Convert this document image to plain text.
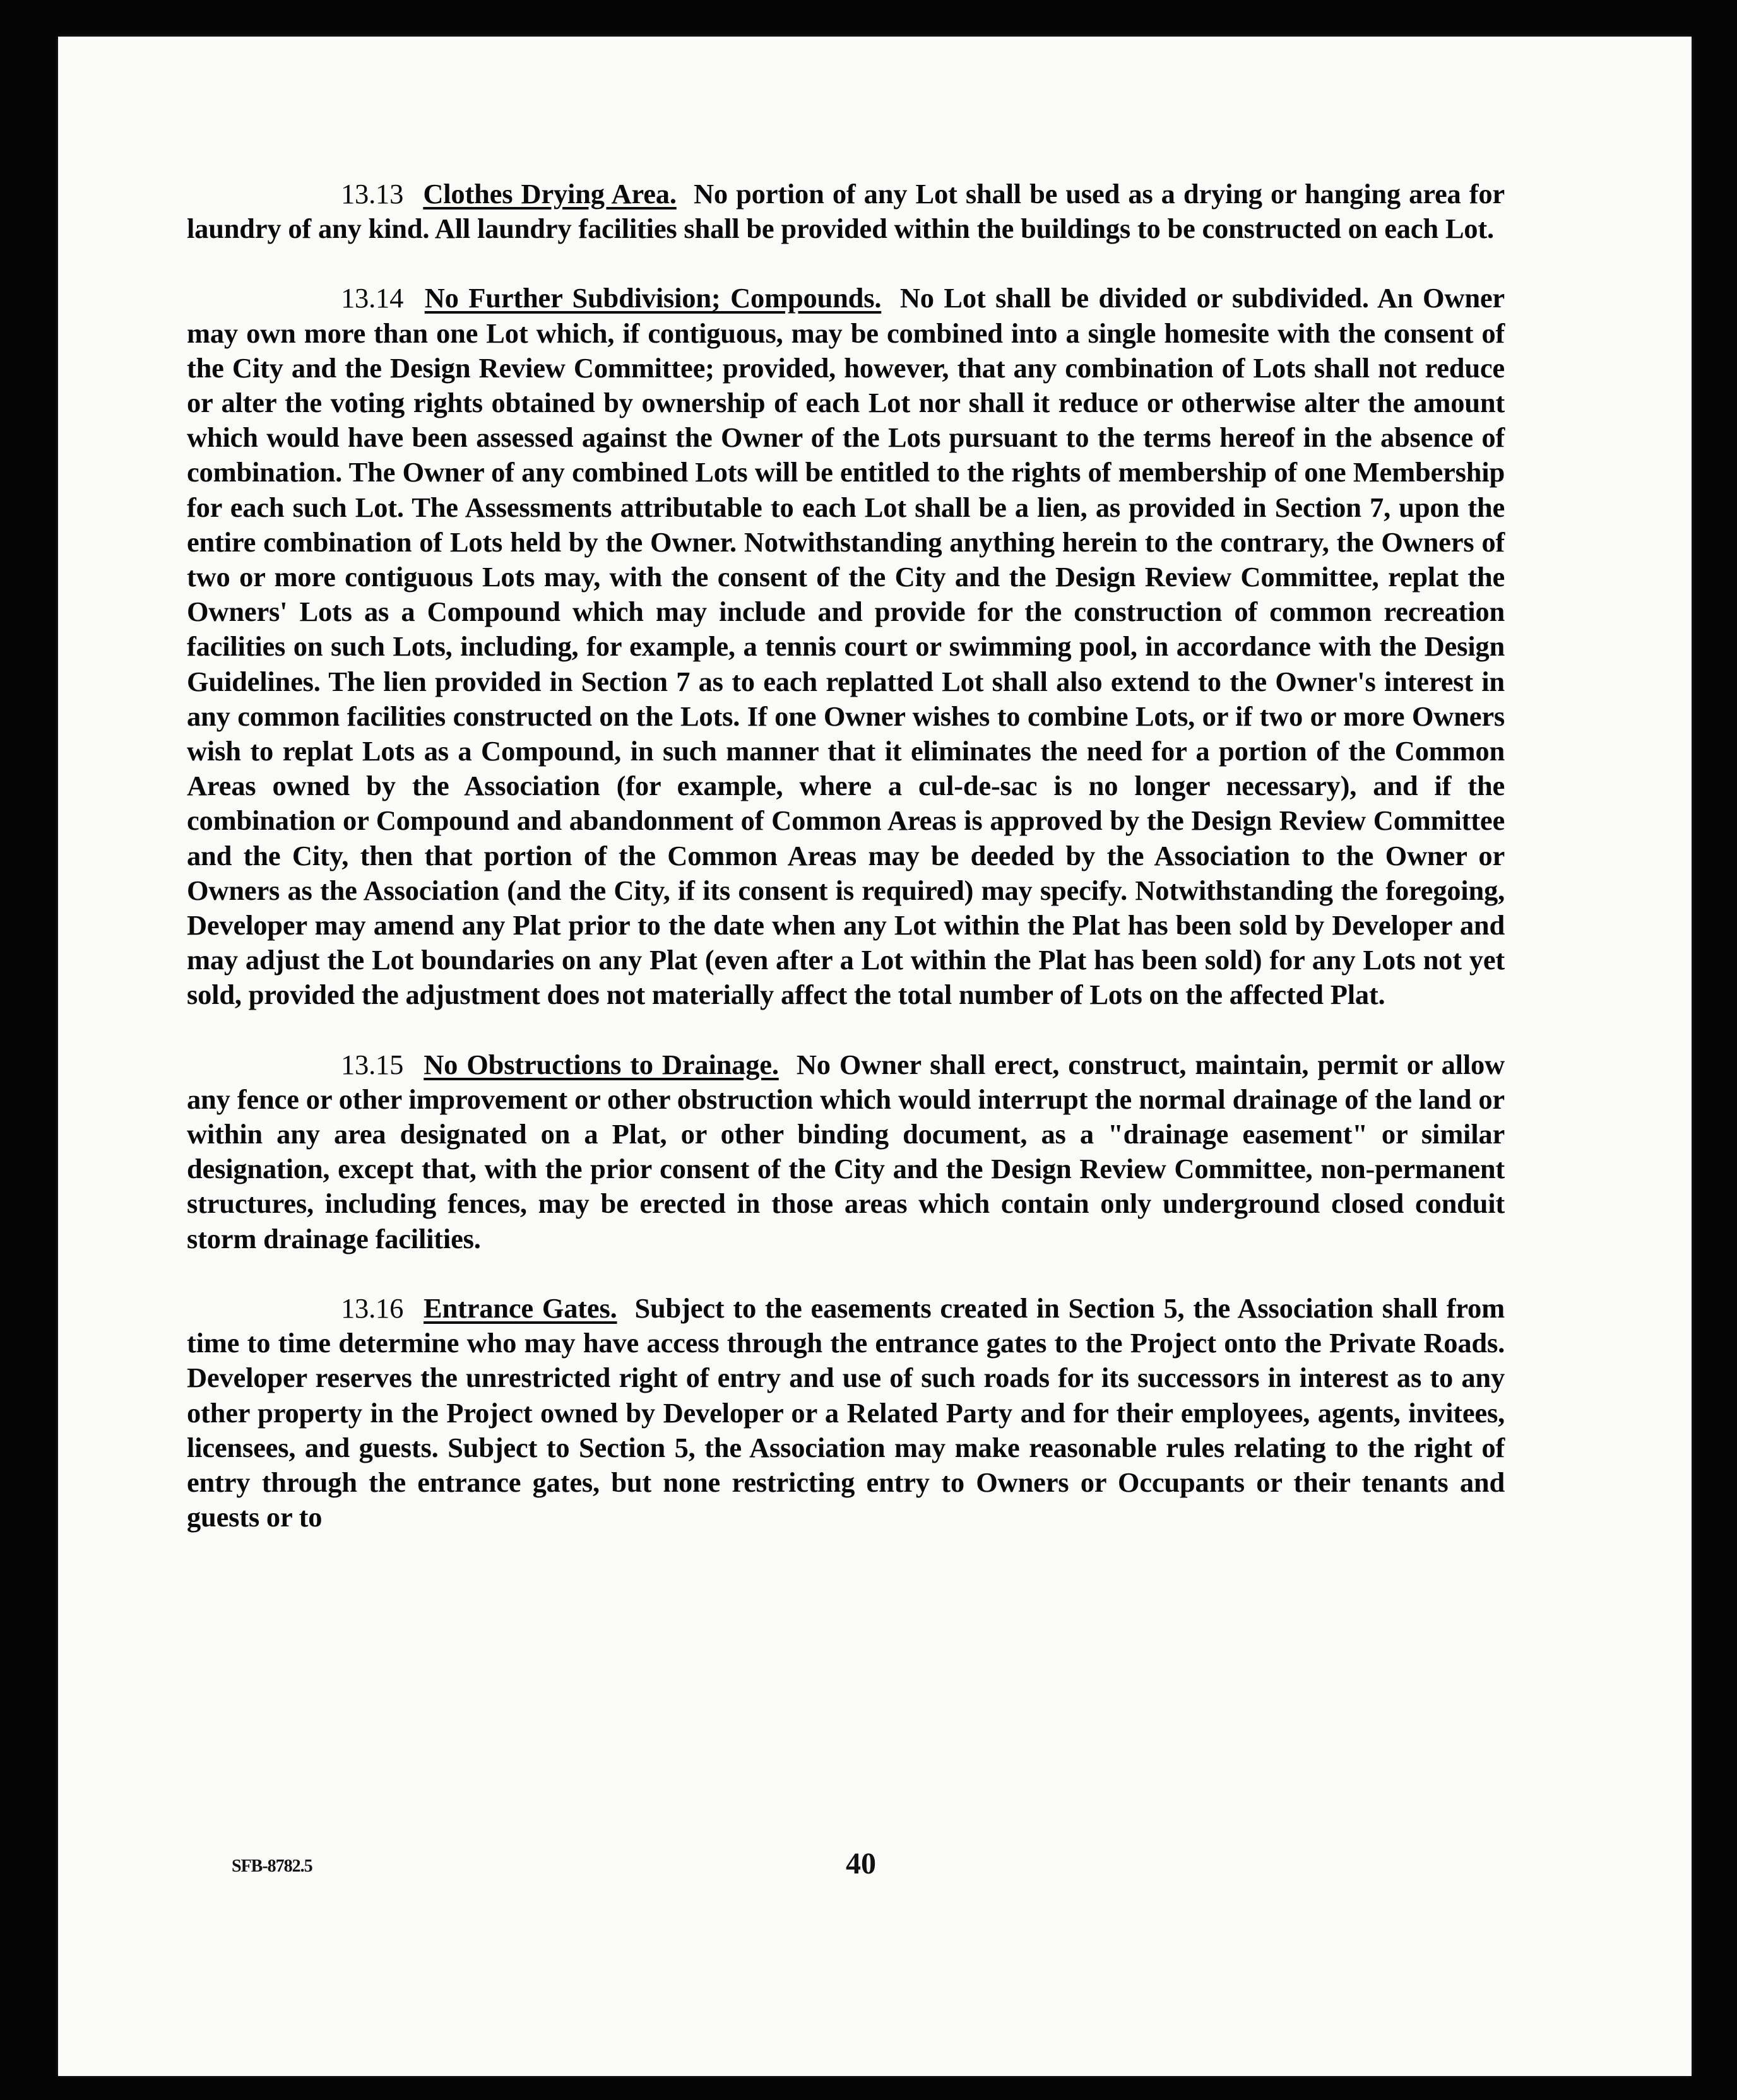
13.13 Clothes Drying Area. No portion of any Lot shall be used as a drying or hanging area for laundry of any kind. All laundry facilities shall be provided within the buildings to be constructed on each Lot.

13.14 No Further Subdivision; Compounds. No Lot shall be divided or subdivided. An Owner may own more than one Lot which, if contiguous, may be combined into a single homesite with the consent of the City and the Design Review Committee; provided, however, that any combination of Lots shall not reduce or alter the voting rights obtained by ownership of each Lot nor shall it reduce or otherwise alter the amount which would have been assessed against the Owner of the Lots pursuant to the terms hereof in the absence of combination. The Owner of any combined Lots will be entitled to the rights of membership of one Membership for each such Lot. The Assessments attributable to each Lot shall be a lien, as provided in Section 7, upon the entire combination of Lots held by the Owner. Notwithstanding anything herein to the contrary, the Owners of two or more contiguous Lots may, with the consent of the City and the Design Review Committee, replat the Owners' Lots as a Compound which may include and provide for the construction of common recreation facilities on such Lots, including, for example, a tennis court or swimming pool, in accordance with the Design Guidelines. The lien provided in Section 7 as to each replatted Lot shall also extend to the Owner's interest in any common facilities constructed on the Lots. If one Owner wishes to combine Lots, or if two or more Owners wish to replat Lots as a Compound, in such manner that it eliminates the need for a portion of the Common Areas owned by the Association (for example, where a cul-de-sac is no longer necessary), and if the combination or Compound and abandonment of Common Areas is approved by the Design Review Committee and the City, then that portion of the Common Areas may be deeded by the Association to the Owner or Owners as the Association (and the City, if its consent is required) may specify. Notwithstanding the foregoing, Developer may amend any Plat prior to the date when any Lot within the Plat has been sold by Developer and may adjust the Lot boundaries on any Plat (even after a Lot within the Plat has been sold) for any Lots not yet sold, provided the adjustment does not materially affect the total number of Lots on the affected Plat.

13.15 No Obstructions to Drainage. No Owner shall erect, construct, maintain, permit or allow any fence or other improvement or other obstruction which would interrupt the normal drainage of the land or within any area designated on a Plat, or other binding document, as a "drainage easement" or similar designation, except that, with the prior consent of the City and the Design Review Committee, non-permanent structures, including fences, may be erected in those areas which contain only underground closed conduit storm drainage facilities.

13.16 Entrance Gates. Subject to the easements created in Section 5, the Association shall from time to time determine who may have access through the entrance gates to the Project onto the Private Roads. Developer reserves the unrestricted right of entry and use of such roads for its successors in interest as to any other property in the Project owned by Developer or a Related Party and for their employees, agents, invitees, licensees, and guests. Subject to Section 5, the Association may make reasonable rules relating to the right of entry through the entrance gates, but none restricting entry to Owners or Occupants or their tenants and guests or to

SFB-8782.5	40
